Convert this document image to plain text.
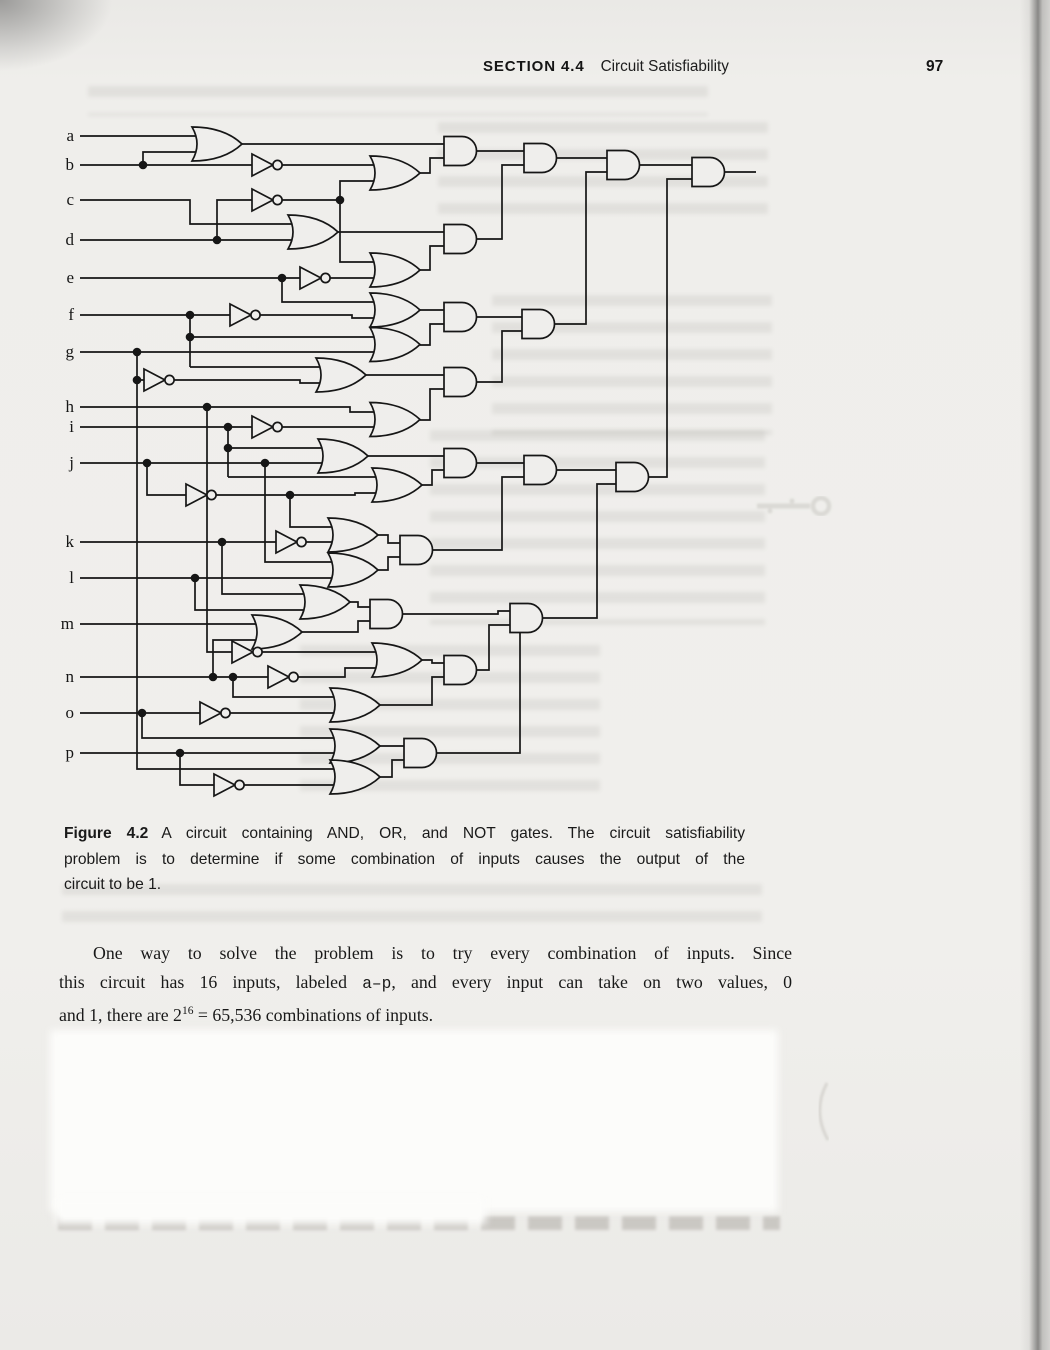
a
b
c
d
e
f
g
h
i
j
k
l
m
n
o
p
SECTION 4.4 Circuit Satisfiability	97
Figure 4.2 A circuit containing AND, OR, and NOT gates. The circuit satisfiability
problem is to determine if some combination of inputs causes the output of the
circuit to be 1.
One way to solve the problem is to try every combination of inputs. Since
this circuit has 16 inputs, labeled a–p, and every input can take on two values, 0
and 1, there are $2^{16} = 65,536$ combinations of inputs.
